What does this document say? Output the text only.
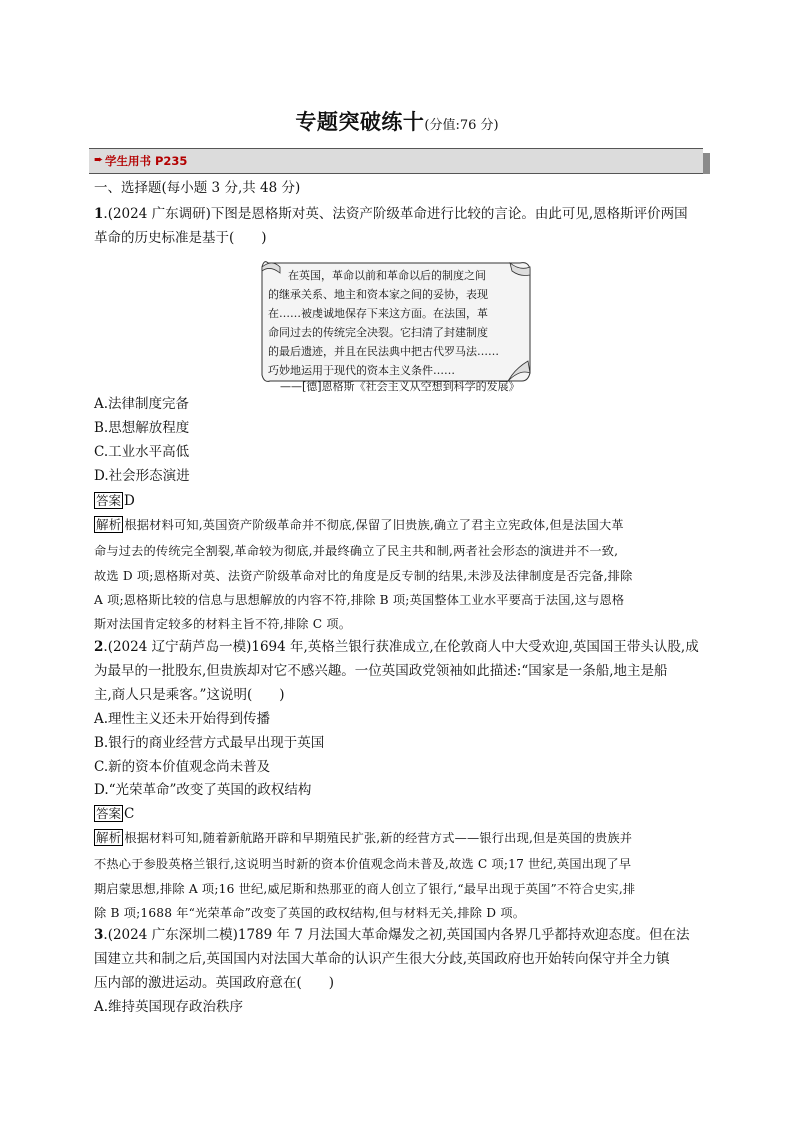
专题突破练十(分值:76 分)
➨ 学生用书 P235
一、选择题(每小题 3 分,共 48 分)
1.(2024 广东调研)下图是恩格斯对英、法资产阶级革命进行比较的言论。由此可见,恩格斯评价两国
革命的历史标准是基于(　　)
在英国，革命以前和革命以后的制度之间
的继承关系、地主和资本家之间的妥协，表现
在……被虔诚地保存下来这方面。在法国，革
命同过去的传统完全决裂。它扫清了封建制度
的最后遗迹，并且在民法典中把古代罗马法……
巧妙地运用于现代的资本主义条件……
——[德]恩格斯《社会主义从空想到科学的发展》
A.法律制度完备
B.思想解放程度
C.工业水平高低
D.社会形态演进
答案 D
解析 根据材料可知,英国资产阶级革命并不彻底,保留了旧贵族,确立了君主立宪政体,但是法国大革
命与过去的传统完全割裂,革命较为彻底,并最终确立了民主共和制,两者社会形态的演进并不一致,
故选 D 项;恩格斯对英、法资产阶级革命对比的角度是反专制的结果,未涉及法律制度是否完备,排除
A 项;恩格斯比较的信息与思想解放的内容不符,排除 B 项;英国整体工业水平要高于法国,这与恩格
斯对法国肯定较多的材料主旨不符,排除 C 项。
2.(2024 辽宁葫芦岛一模)1694 年,英格兰银行获准成立,在伦敦商人中大受欢迎,英国国王带头认股,成
为最早的一批股东,但贵族却对它不感兴趣。一位英国政党领袖如此描述:“国家是一条船,地主是船
主,商人只是乘客。”这说明(　　)
A.理性主义还未开始得到传播
B.银行的商业经营方式最早出现于英国
C.新的资本价值观念尚未普及
D.“光荣革命”改变了英国的政权结构
答案 C
解析 根据材料可知,随着新航路开辟和早期殖民扩张,新的经营方式——银行出现,但是英国的贵族并
不热心于参股英格兰银行,这说明当时新的资本价值观念尚未普及,故选 C 项;17 世纪,英国出现了早
期启蒙思想,排除 A 项;16 世纪,威尼斯和热那亚的商人创立了银行,“最早出现于英国”不符合史实,排
除 B 项;1688 年“光荣革命”改变了英国的政权结构,但与材料无关,排除 D 项。
3.(2024 广东深圳二模)1789 年 7 月法国大革命爆发之初,英国国内各界几乎都持欢迎态度。但在法
国建立共和制之后,英国国内对法国大革命的认识产生很大分歧,英国政府也开始转向保守并全力镇
压内部的激进运动。英国政府意在(　　)
A.维持英国现存政治秩序
